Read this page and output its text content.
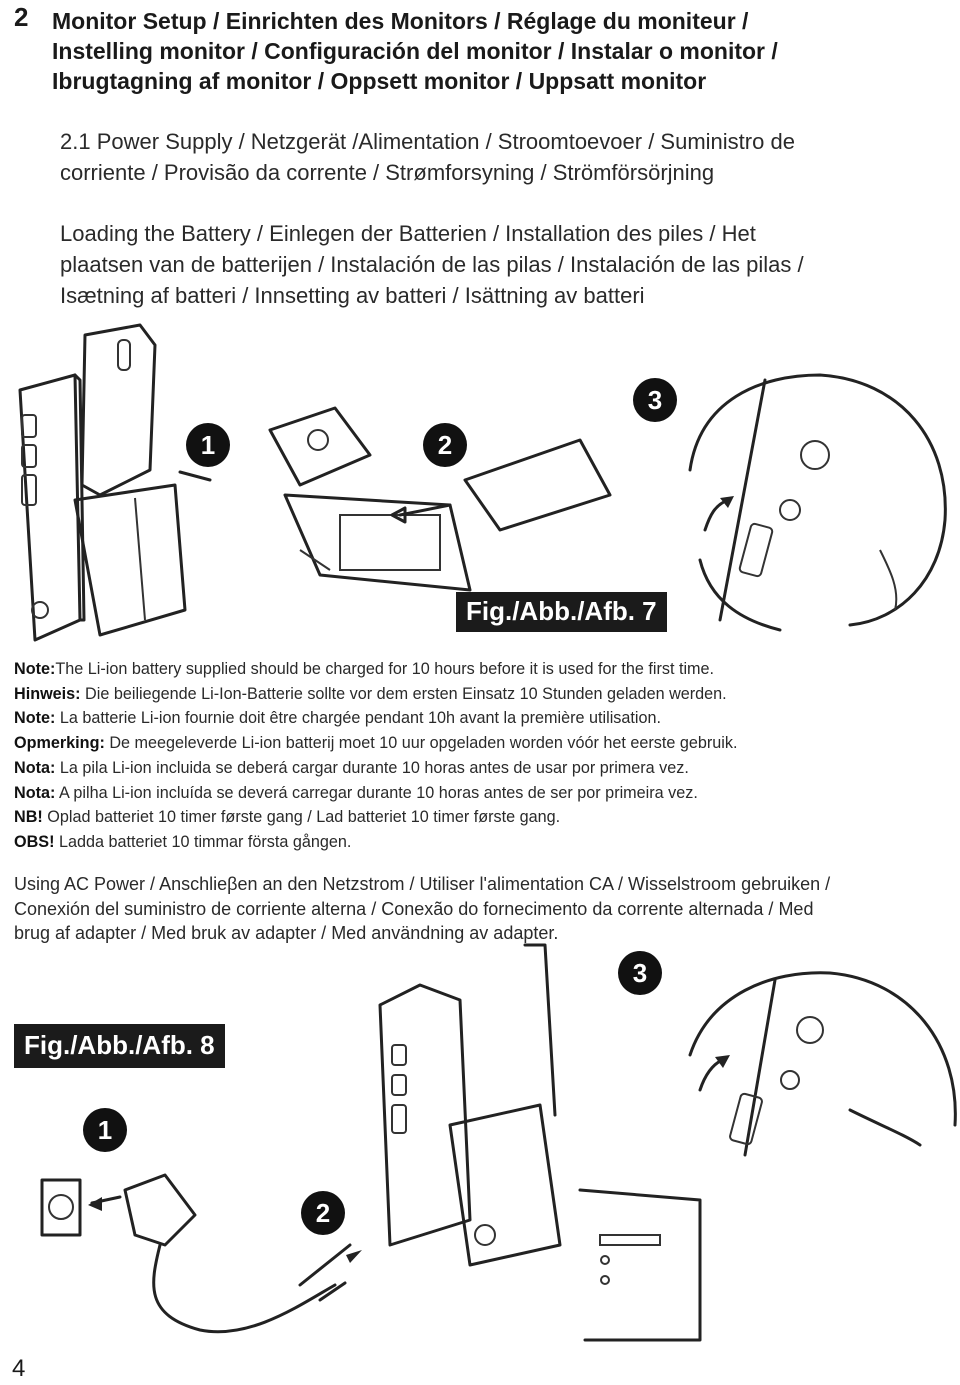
2 Monitor Setup / Einrichten des Monitors / Réglage du moniteur /
Instelling monitor / Configuración del monitor / Instalar o monitor /
Ibrugtagning af monitor / Oppsett monitor / Uppsatt monitor
2.1 Power Supply / Netzgerät /Alimentation / Stroomtoevoer / Suministro de
corriente / Provisão da corrente / Strømforsyning / Strömförsörjning
Loading the Battery / Einlegen der Batterien / Installation des piles / Het
plaatsen van de batterijen / Instalación de las pilas / Instalación de las pilas /
Isætning af batteri / Innsetting av batteri / Isättning av batteri
1	2
3
Fig./Abb./Afb. 7
Note:The Li-ion battery supplied should be charged for 10 hours before it is used for the first time.
Hinweis: Die beiliegende Li-Ion-Batterie sollte vor dem ersten Einsatz 10 Stunden geladen werden.
Note: La batterie Li-ion fournie doit être chargée pendant 10h avant la première utilisation.
Opmerking: De meegeleverde Li-ion batterij moet 10 uur opgeladen worden vóór het eerste gebruik.
Nota: La pila Li-ion incluida se deberá cargar durante 10 horas antes de usar por primera vez.
Nota: A pilha Li-ion incluída se deverá carregar durante 10 horas antes de ser por primeira vez.
NB! Oplad batteriet 10 timer første gang / Lad batteriet 10 timer første gang.
OBS! Ladda batteriet 10 timmar första gången.
Using AC Power / Anschlieβen an den Netzstrom / Utiliser l'alimentation CA / Wisselstroom gebruiken /
Conexión del suministro de corriente alterna / Conexão do fornecimento da corrente alternada / Med
brug af adapter / Med bruk av adapter / Med användning av adapter.
Fig./Abb./Afb. 8
3
1
2
4
